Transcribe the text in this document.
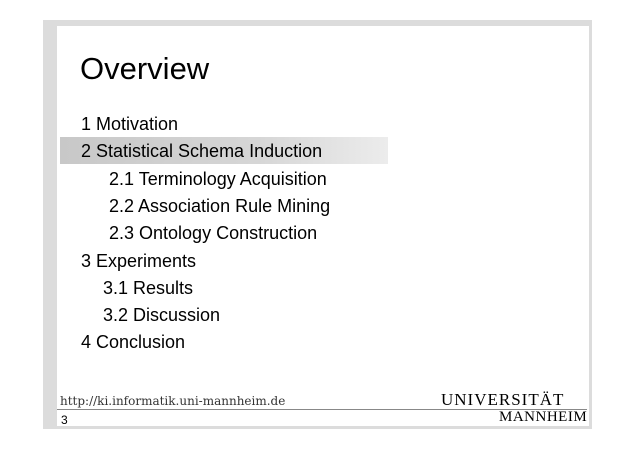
Overview
1 Motivation
2 Statistical Schema Induction
2.1 Terminology Acquisition
2.2 Association Rule Mining
2.3 Ontology Construction
3 Experiments
3.1 Results
3.2 Discussion
4 Conclusion
http://ki.informatik.uni-mannheim.de
3
UNIVERSITÄT
MANNHEIM
